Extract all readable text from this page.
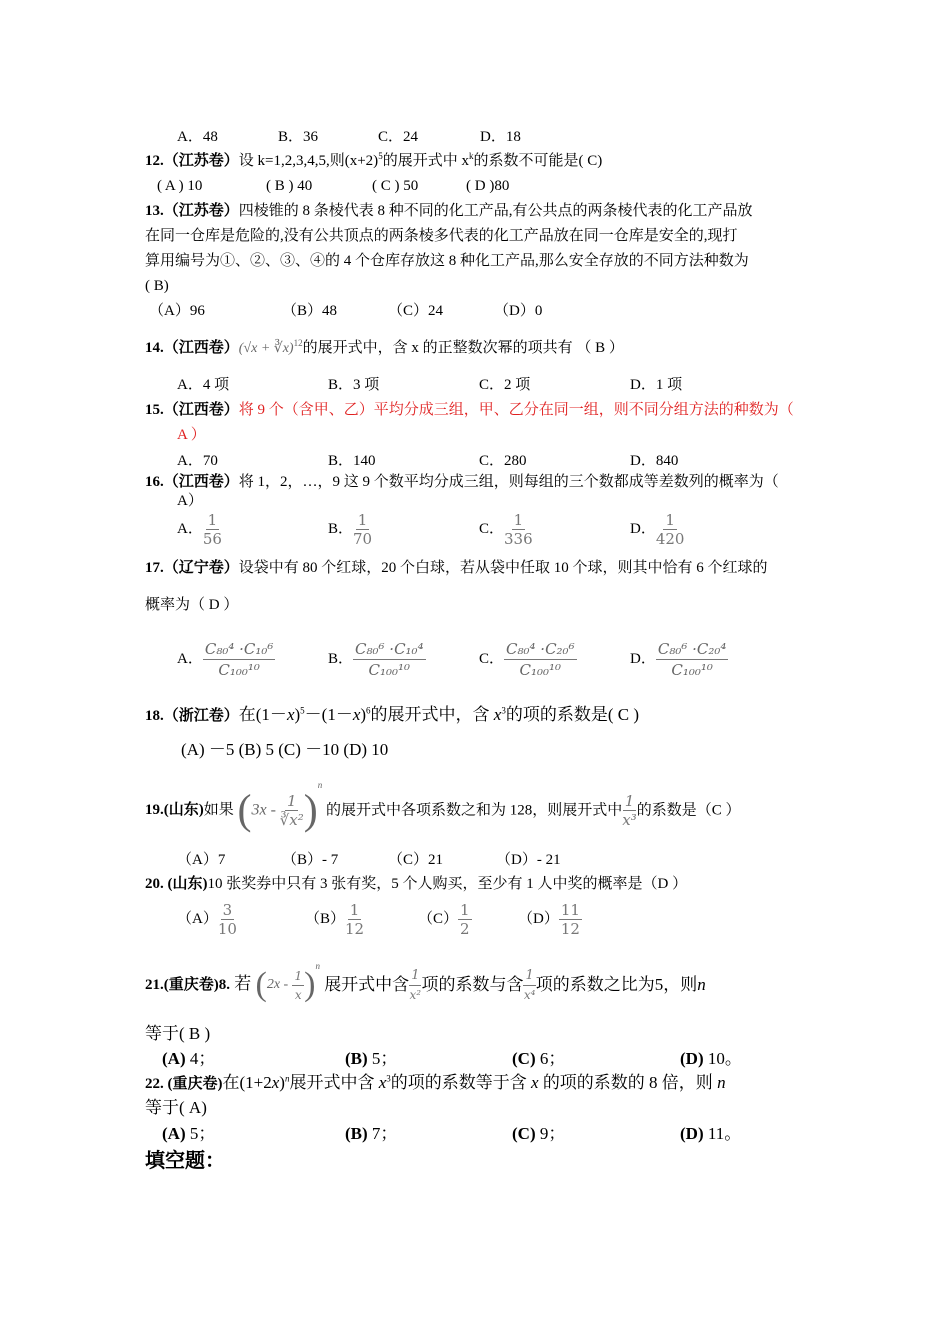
A．48	B．36	C．24	D．18
12.（江苏卷）设 k=1,2,3,4,5,则$(x+2)^5$的展开式中 $x^k$的系数不可能是( C)
( A ) 10	( B ) 40	( C ) 50	( D )80
13.（江苏卷）四棱锥的 8 条棱代表 8 种不同的化工产品,有公共点的两条棱代表的化工产品放
在同一仓库是危险的,没有公共顶点的两条棱多代表的化工产品放在同一仓库是安全的,现打
算用编号为①、②、③、④的 4 个仓库存放这 8 种化工产品,那么安全存放的不同方法种数为
( B)
（A）96	（B）48	（C）24	（D）0
14.（江西卷）(√x + ∛x)$^{12}$的展开式中，含 x 的正整数次幂的项共有 （ B ）
A．4 项	B．3 项	C．2 项	D．1 项
15.（江西卷）将 9 个（含甲、乙）平均分成三组，甲、乙分在同一组，则不同分组方法的种数为（
A ）
A．70	B．140	C．280	D．840
16.（江西卷）将 1，2，…，9 这 9 个数平均分成三组，则每组的三个数都成等差数列的概率为（
A）
A． $\frac{1}{56}$	B． $\frac{1}{70}$	C． $\frac{1}{336}$	D． $\frac{1}{420}$
17.（辽宁卷）设袋中有 80 个红球，20 个白球，若从袋中任取 10 个球，则其中恰有 6 个红球的
概率为（ D ）
A． $\frac{\text{C₈₀⁴ ·C₁₀⁶}}{\text{C₁₀₀¹⁰}}$	B． $\frac{\text{C₈₀⁶ ·C₁₀⁴}}{\text{C₁₀₀¹⁰}}$	C． $\frac{\text{C₈₀⁴ ·C₂₀⁶}}{\text{C₁₀₀¹⁰}}$	D． $\frac{\text{C₈₀⁶ ·C₂₀⁴}}{\text{C₁₀₀¹⁰}}$
18.（浙江卷）在$(1-x)^5-(1-x)^6$的展开式中，含 $x^3$的项的系数是( C )
(A) －5 (B) 5 (C) －10 (D) 10
19.(山东)如果 $(3x - \frac{1}{\text{∛x²}} )^n$ 的展开式中各项系数之和为 128，则展开式中 $\frac{1}{\text{x³}}$ 的系数是（C ）
（A）7	（B）- 7	（C）21	（D）- 21
20. (山东)10 张奖券中只有 3 张有奖，5 个人购买，至少有 1 人中奖的概率是（D ）
$(A) \frac{3}{10}$	$(B) \frac{1}{12}$	$(C) \frac{1}{2}$	$(D) \frac{11}{12}$
21.(重庆卷)8. 若 $(2x - \frac{1}{x} )^n$ 展开式中含 $\frac{1}{\text{x²}}$ 项的系数与含 $\frac{1}{\text{x⁴}}$ 项的系数之比为5，则n
等于( B )
(A) 4；	(B) 5；	(C) 6；	(D) 10。
22. (重庆卷)在$(1+2x)^n$展开式中含 $x^3$的项的系数等于含 x 的项的系数的 8 倍，则 n
等于( A)
(A) 5；	(B) 7；	(C) 9；	(D) 11。
填空题：
